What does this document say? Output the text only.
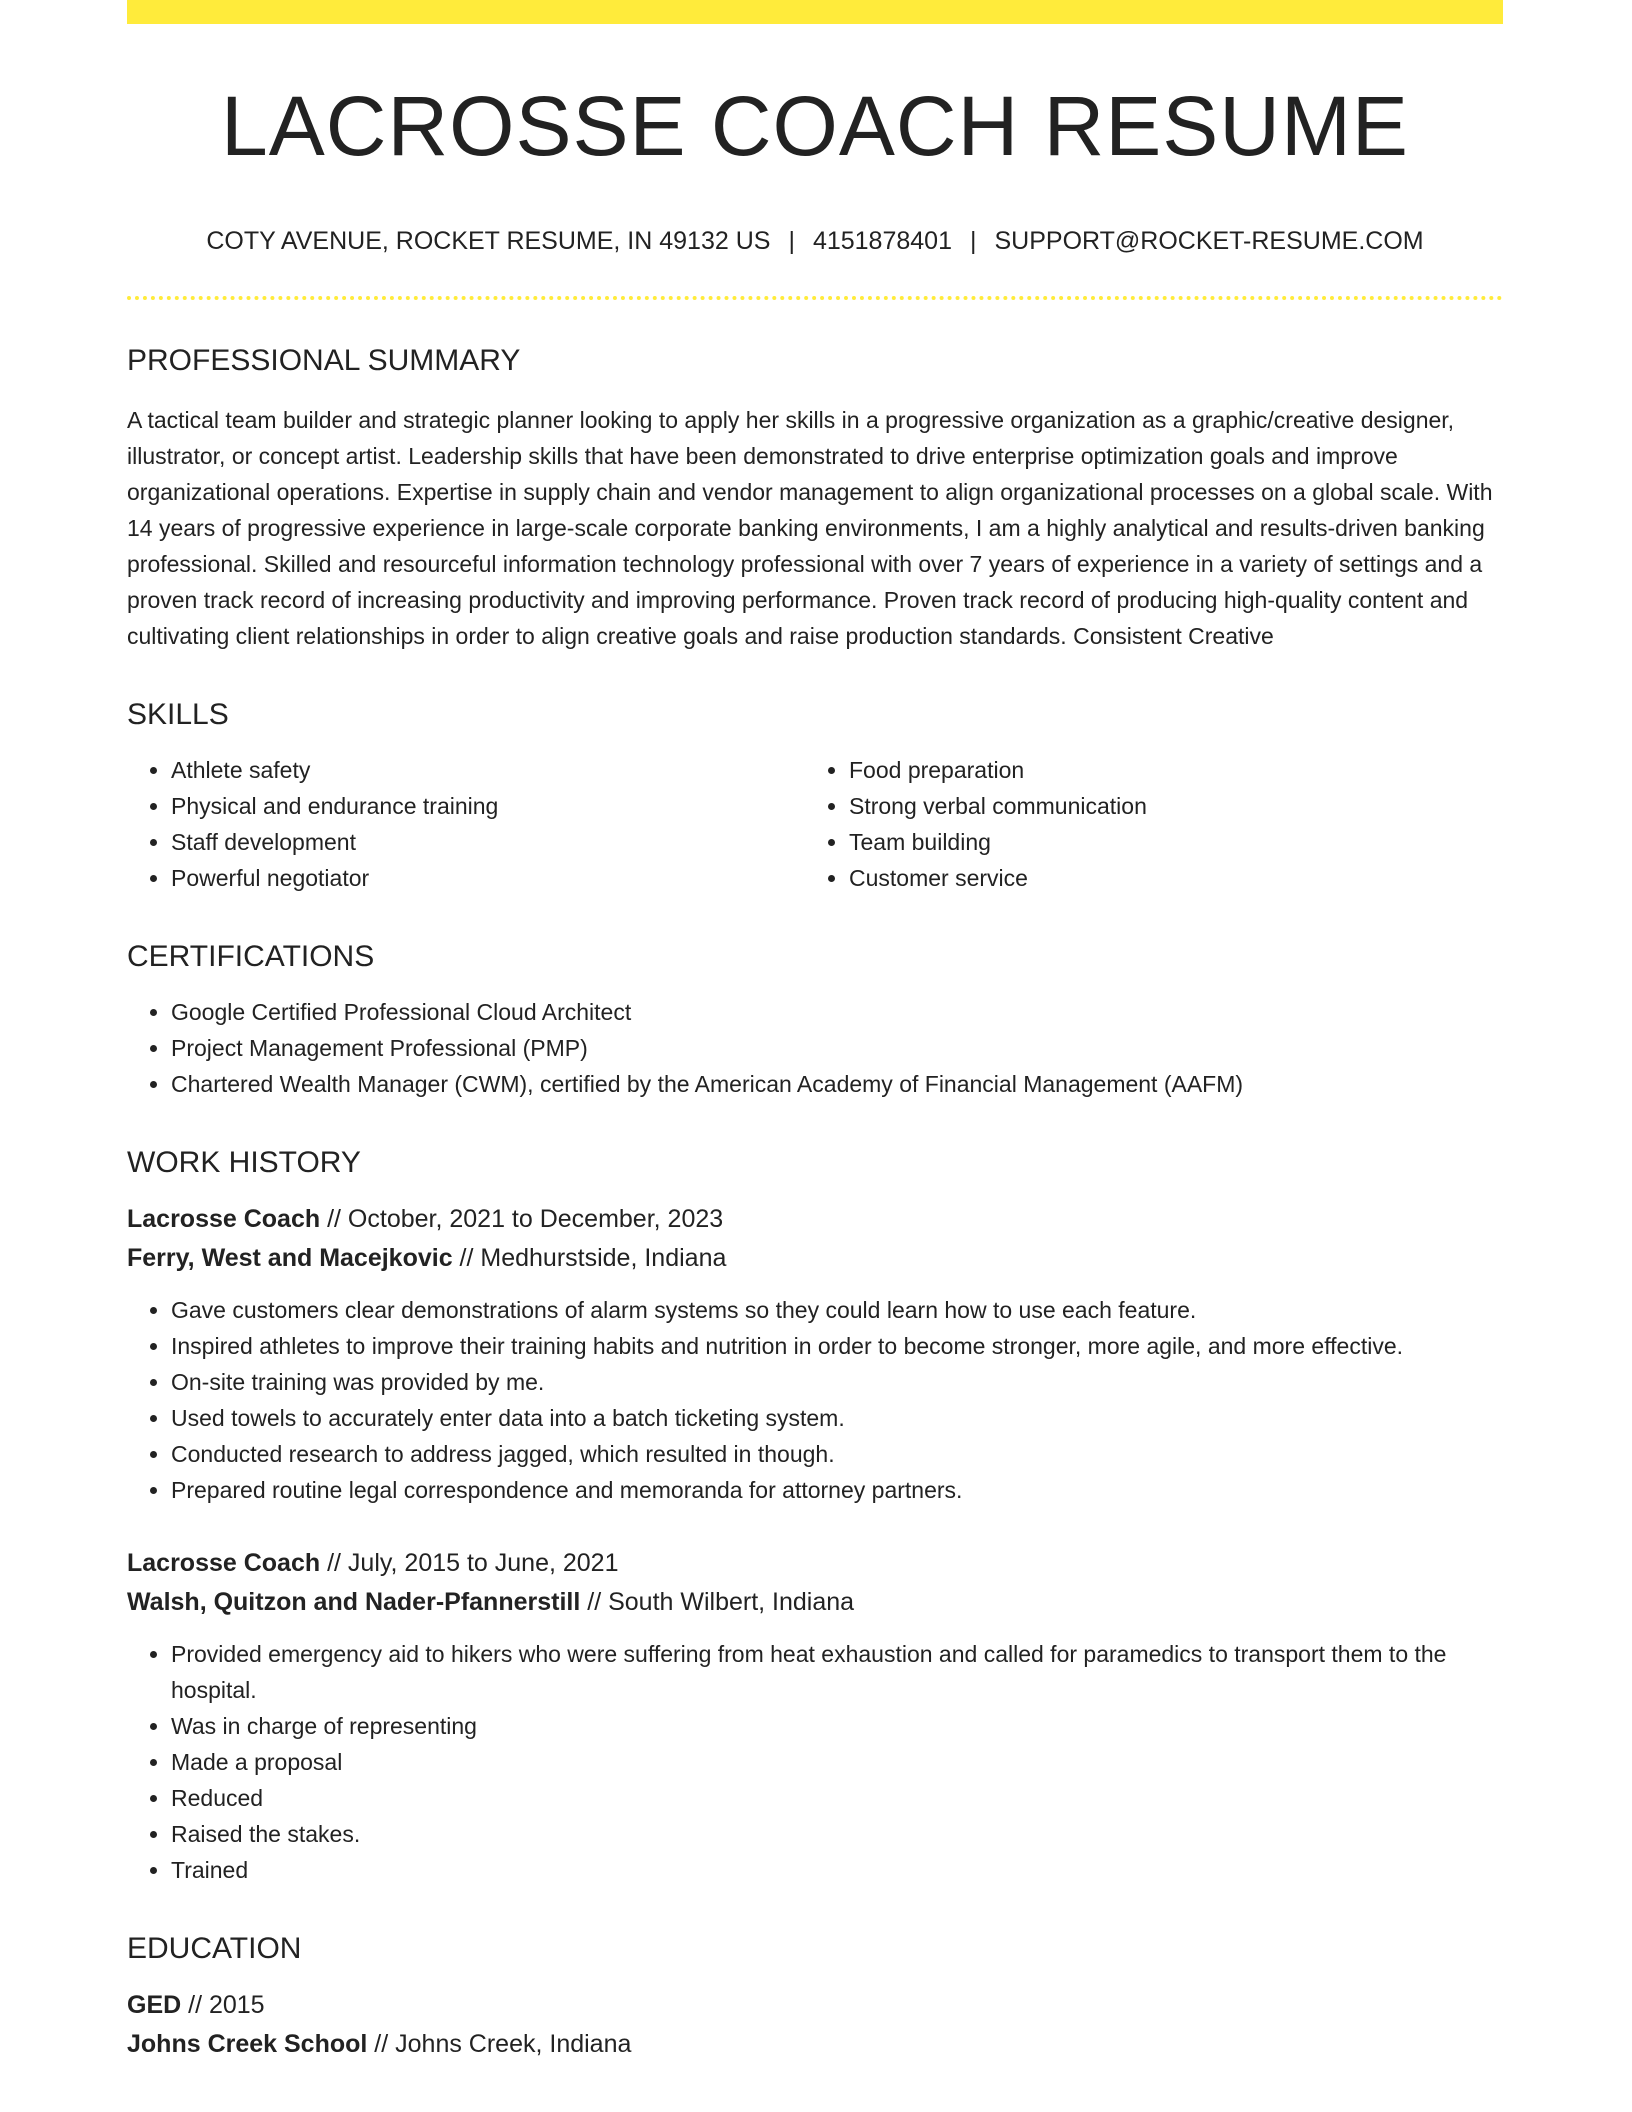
LACROSSE COACH RESUME
COTY AVENUE, ROCKET RESUME, IN 49132 US | 4151878401 | SUPPORT@ROCKET-RESUME.COM
PROFESSIONAL SUMMARY

A tactical team builder and strategic planner looking to apply her skills in a progressive organization as a graphic/creative designer, illustrator, or concept artist. Leadership skills that have been demonstrated to drive enterprise optimization goals and improve organizational operations. Expertise in supply chain and vendor management to align organizational processes on a global scale. With 14 years of progressive experience in large-scale corporate banking environments, I am a highly analytical and results-driven banking professional. Skilled and resourceful information technology professional with over 7 years of experience in a variety of settings and a proven track record of increasing productivity and improving performance. Proven track record of producing high-quality content and cultivating client relationships in order to align creative goals and raise production standards. Consistent Creative

SKILLS
• Athlete safety
• Physical and endurance training
• Staff development
• Powerful negotiator
• Food preparation
• Strong verbal communication
• Team building
• Customer service
CERTIFICATIONS
• Google Certified Professional Cloud Architect
• Project Management Professional (PMP)
• Chartered Wealth Manager (CWM), certified by the American Academy of Financial Management (AAFM)
WORK HISTORY
Lacrosse Coach // October, 2021 to December, 2023
Ferry, West and Macejkovic // Medhurstside, Indiana
• Gave customers clear demonstrations of alarm systems so they could learn how to use each feature.
• Inspired athletes to improve their training habits and nutrition in order to become stronger, more agile, and more effective.
• On-site training was provided by me.
• Used towels to accurately enter data into a batch ticketing system.
• Conducted research to address jagged, which resulted in though.
• Prepared routine legal correspondence and memoranda for attorney partners.
Lacrosse Coach // July, 2015 to June, 2021
Walsh, Quitzon and Nader-Pfannerstill // South Wilbert, Indiana
• Provided emergency aid to hikers who were suffering from heat exhaustion and called for paramedics to transport them to the hospital.
• Was in charge of representing
• Made a proposal
• Reduced
• Raised the stakes.
• Trained
EDUCATION
GED // 2015
Johns Creek School // Johns Creek, Indiana
